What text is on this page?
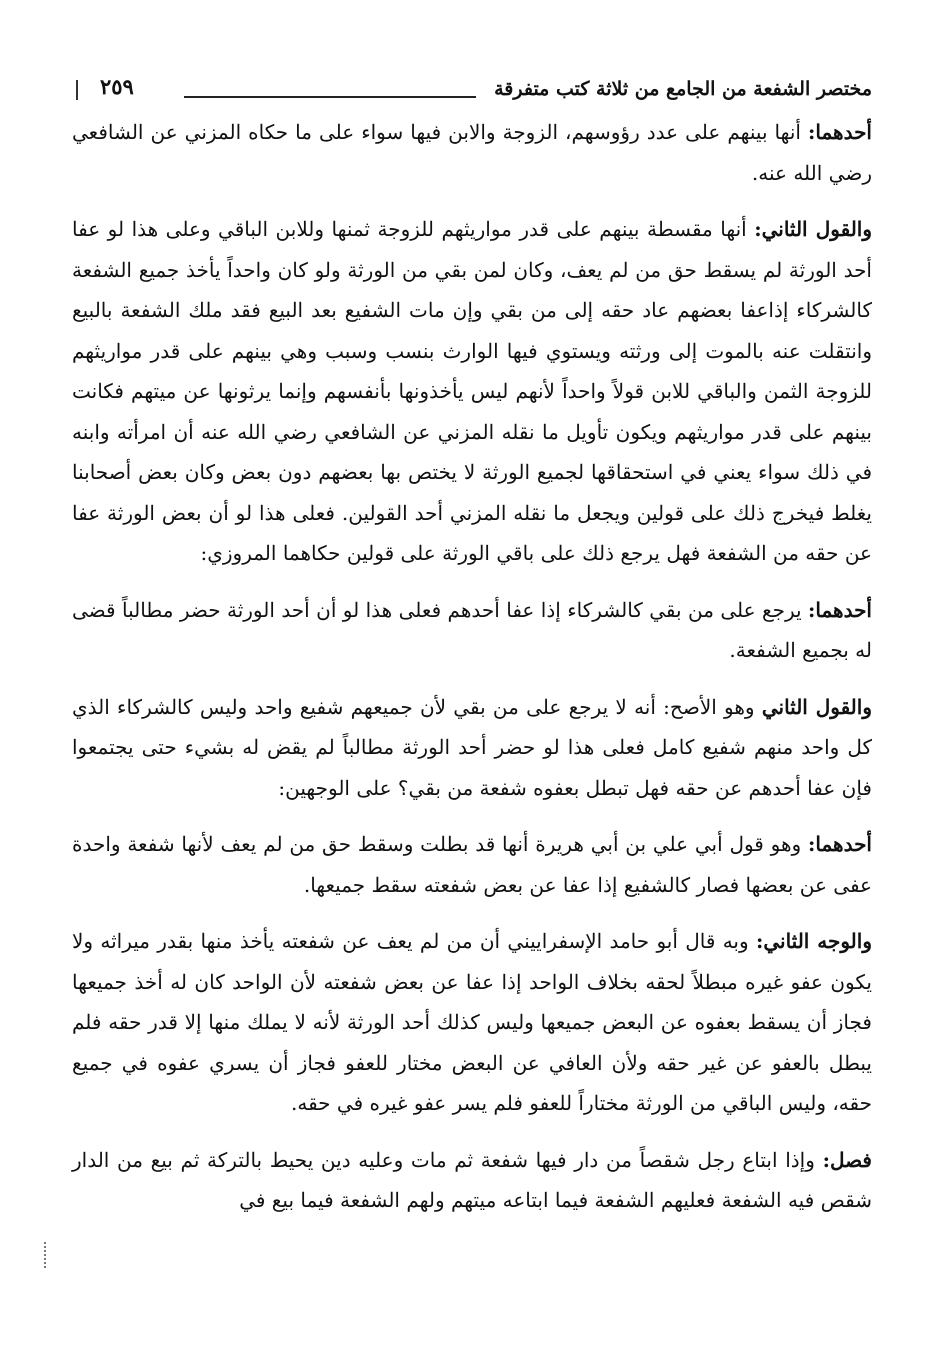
مختصر الشفعة من الجامع من ثلاثة كتب متفرقة
٢٥٩

أحدهما: أنها بينهم على عدد رؤوسهم، الزوجة والابن فيها سواء على ما حكاه المزني عن الشافعي رضي الله عنه.

والقول الثاني: أنها مقسطة بينهم على قدر مواريثهم للزوجة ثمنها وللابن الباقي وعلى هذا لو عفا أحد الورثة لم يسقط حق من لم يعف، وكان لمن بقي من الورثة ولو كان واحداً يأخذ جميع الشفعة كالشركاء إذاعفا بعضهم عاد حقه إلى من بقي وإن مات الشفيع بعد البيع فقد ملك الشفعة بالبيع وانتقلت عنه بالموت إلى ورثته ويستوي فيها الوارث بنسب وسبب وهي بينهم على قدر مواريثهم للزوجة الثمن والباقي للابن قولاً واحداً لأنهم ليس يأخذونها بأنفسهم وإنما يرثونها عن ميتهم فكانت بينهم على قدر مواريثهم ويكون تأويل ما نقله المزني عن الشافعي رضي الله عنه أن امرأته وابنه في ذلك سواء يعني في استحقاقها لجميع الورثة لا يختص بها بعضهم دون بعض وكان بعض أصحابنا يغلط فيخرج ذلك على قولين ويجعل ما نقله المزني أحد القولين. فعلى هذا لو أن بعض الورثة عفا عن حقه من الشفعة فهل يرجع ذلك على باقي الورثة على قولين حكاهما المروزي:

أحدهما: يرجع على من بقي كالشركاء إذا عفا أحدهم فعلى هذا لو أن أحد الورثة حضر مطالباً قضى له بجميع الشفعة.

والقول الثاني وهو الأصح: أنه لا يرجع على من بقي لأن جميعهم شفيع واحد وليس كالشركاء الذي كل واحد منهم شفيع كامل فعلى هذا لو حضر أحد الورثة مطالباً لم يقض له بشيء حتى يجتمعوا فإن عفا أحدهم عن حقه فهل تبطل بعفوه شفعة من بقي؟ على الوجهين:

أحدهما: وهو قول أبي علي بن أبي هريرة أنها قد بطلت وسقط حق من لم يعف لأنها شفعة واحدة عفى عن بعضها فصار كالشفيع إذا عفا عن بعض شفعته سقط جميعها.

والوجه الثاني: وبه قال أبو حامد الإسفراييني أن من لم يعف عن شفعته يأخذ منها بقدر ميراثه ولا يكون عفو غيره مبطلاً لحقه بخلاف الواحد إذا عفا عن بعض شفعته لأن الواحد كان له أخذ جميعها فجاز أن يسقط بعفوه عن البعض جميعها وليس كذلك أحد الورثة لأنه لا يملك منها إلا قدر حقه فلم يبطل بالعفو عن غير حقه ولأن العافي عن البعض مختار للعفو فجاز أن يسري عفوه في جميع حقه، وليس الباقي من الورثة مختاراً للعفو فلم يسر عفو غيره في حقه.

فصل: وإذا ابتاع رجل شقصاً من دار فيها شفعة ثم مات وعليه دين يحيط بالتركة ثم بيع من الدار شقص فيه الشفعة فعليهم الشفعة فيما ابتاعه ميتهم ولهم الشفعة فيما بيع في
